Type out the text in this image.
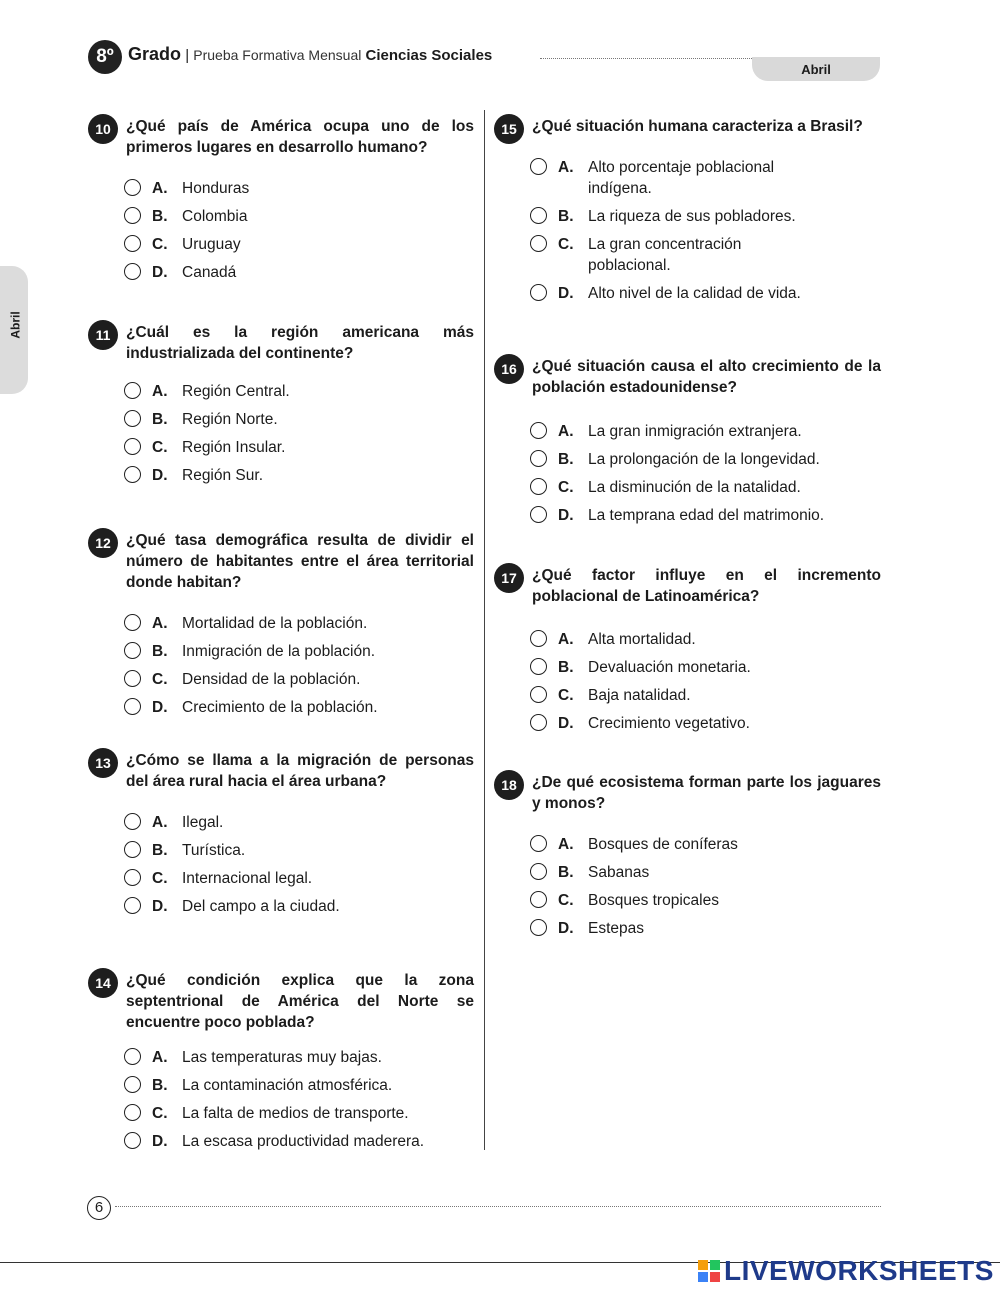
8º Grado | Prueba Formativa Mensual Ciencias Sociales
Abril
Abril
10 ¿Qué país de América ocupa uno de los primeros lugares en desarrollo humano?
A. Honduras
B. Colombia
C. Uruguay
D. Canadá
11	¿Cuál es la región americana más industrializada del continente?
A. Región Central.
B. Región Norte.
C. Región Insular.
D. Región Sur.
12 ¿Qué tasa demográfica resulta de dividir el número de habitantes entre el área territorial donde habitan?
A. Mortalidad de la población.
B. Inmigración de la población.
C. Densidad de la población.
D. Crecimiento de la población.
13 ¿Cómo se llama a la migración de personas del área rural hacia el área urbana?
A. Ilegal.
B. Turística.
C. Internacional legal.
D. Del campo a la ciudad.
14 ¿Qué condición explica que la zona septentrional de América del Norte se encuentre poco poblada?
A. Las temperaturas muy bajas.
B. La contaminación atmosférica.
C. La falta de medios de transporte.
D. La escasa productividad maderera.
15 ¿Qué situación humana caracteriza a Brasil?
A. Alto porcentaje poblacional indígena.
B. La riqueza de sus pobladores.
C. La gran concentración poblacional.
D. Alto nivel de la calidad de vida.
16 ¿Qué situación causa el alto crecimiento de la población estadounidense?
A. La gran inmigración extranjera.
B. La prolongación de la longevidad.
C. La disminución de la natalidad.
D. La temprana edad del matrimonio.
17 ¿Qué factor influye en el incremento poblacional de Latinoamérica?
A. Alta mortalidad.
B. Devaluación monetaria.
C. Baja natalidad.
D. Crecimiento vegetativo.
18 ¿De qué ecosistema forman parte los jaguares y monos?
A. Bosques de coníferas
B. Sabanas
C. Bosques tropicales
D. Estepas
6
LIVEWORKSHEETS
